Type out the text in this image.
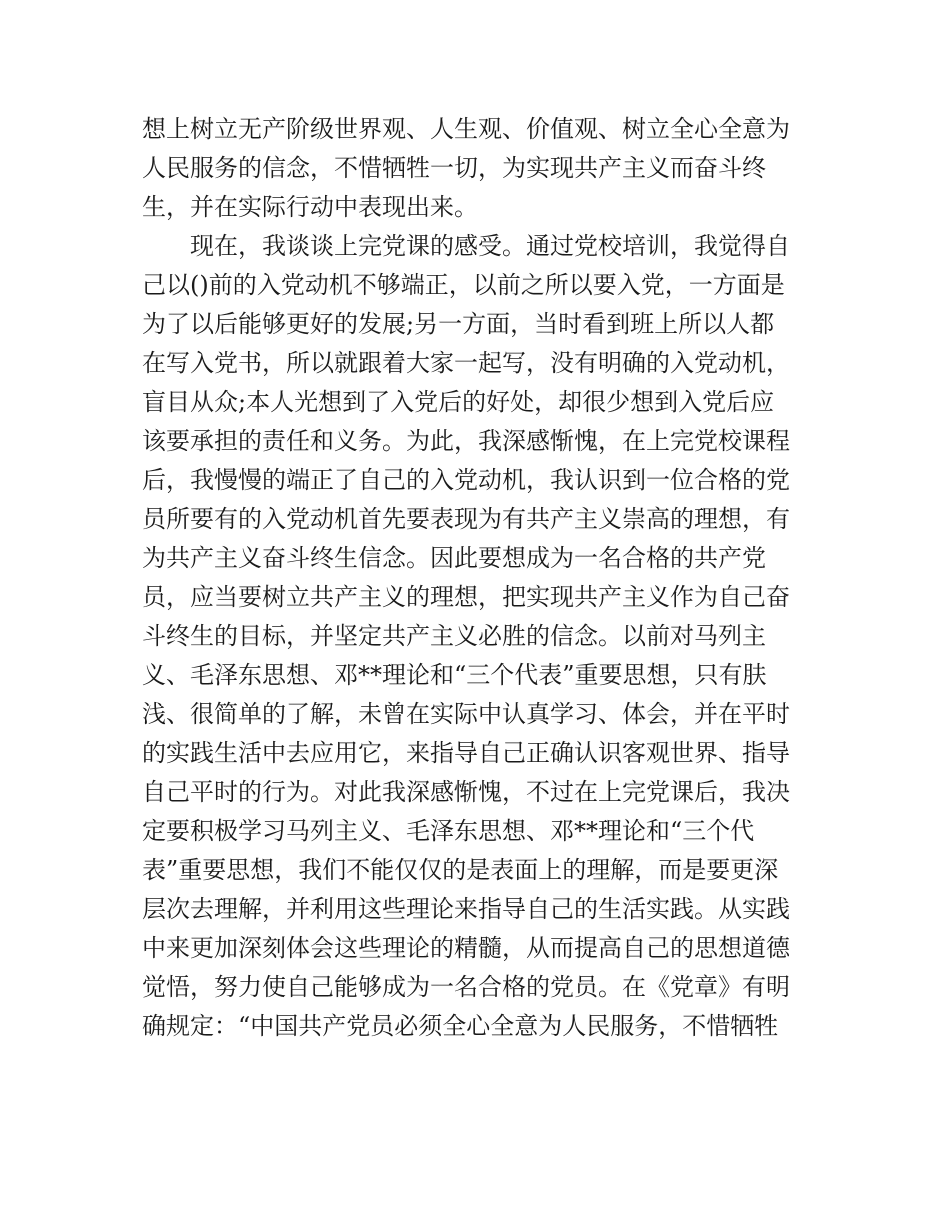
想上树立无产阶级世界观、人生观、价值观、树立全心全意为
人民服务的信念，不惜牺牲一切，为实现共产主义而奋斗终
生，并在实际行动中表现出来。
现在，我谈谈上完党课的感受。通过党校培训，我觉得自
己以()前的入党动机不够端正，以前之所以要入党，一方面是
为了以后能够更好的发展;另一方面，当时看到班上所以人都
在写入党书，所以就跟着大家一起写，没有明确的入党动机，
盲目从众;本人光想到了入党后的好处，却很少想到入党后应
该要承担的责任和义务。为此，我深感惭愧，在上完党校课程
后，我慢慢的端正了自己的入党动机，我认识到一位合格的党
员所要有的入党动机首先要表现为有共产主义崇高的理想，有
为共产主义奋斗终生信念。因此要想成为一名合格的共产党
员，应当要树立共产主义的理想，把实现共产主义作为自己奋
斗终生的目标，并坚定共产主义必胜的信念。以前对马列主
义、毛泽东思想、邓**理论和“三个代表”重要思想，只有肤
浅、很简单的了解，未曾在实际中认真学习、体会，并在平时
的实践生活中去应用它，来指导自己正确认识客观世界、指导
自己平时的行为。对此我深感惭愧，不过在上完党课后，我决
定要积极学习马列主义、毛泽东思想、邓**理论和“三个代
表”重要思想，我们不能仅仅的是表面上的理解，而是要更深
层次去理解，并利用这些理论来指导自己的生活实践。从实践
中来更加深刻体会这些理论的精髓，从而提高自己的思想道德
觉悟，努力使自己能够成为一名合格的党员。在《党章》有明
确规定：“中国共产党员必须全心全意为人民服务，不惜牺牲
